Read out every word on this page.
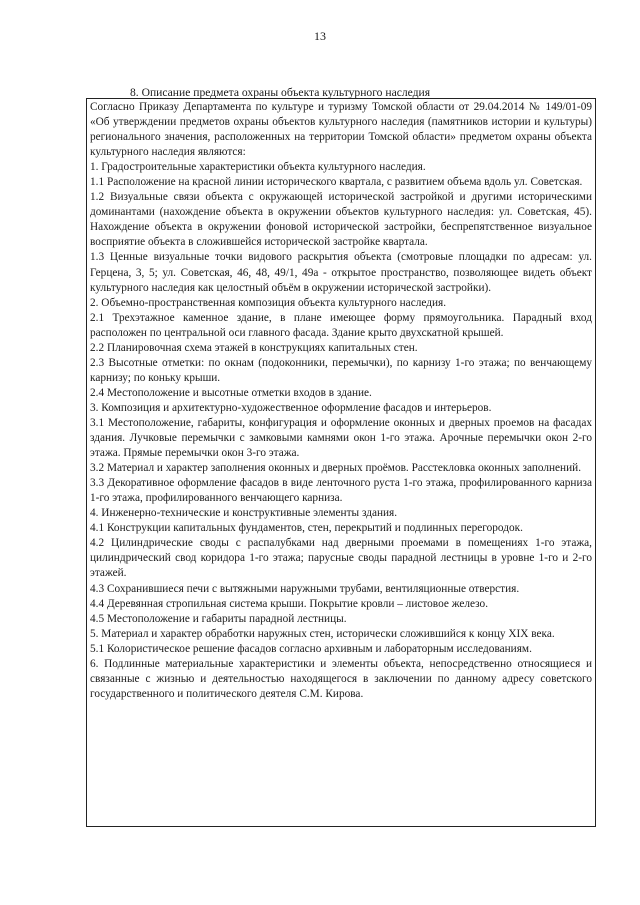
13
8. Описание предмета охраны объекта культурного наследия

Согласно Приказу Департамента по культуре и туризму Томской области от 29.04.2014 № 149/01-09 «Об утверждении предметов охраны объектов культурного наследия (памятников истории и культуры) регионального значения, расположенных на территории Томской области» предметом охраны объекта культурного наследия являются:

1. Градостроительные характеристики объекта культурного наследия.

1.1 Расположение на красной линии исторического квартала, с развитием объема вдоль ул. Советская.

1.2 Визуальные связи объекта с окружающей исторической застройкой и другими историческими доминантами (нахождение объекта в окружении объектов культурного наследия: ул. Советская, 45). Нахождение объекта в окружении фоновой исторической застройки, беспрепятственное визуальное восприятие объекта в сложившейся исторической застройке квартала.

1.3 Ценные визуальные точки видового раскрытия объекта (смотровые площадки по адресам: ул. Герцена, 3, 5; ул. Советская, 46, 48, 49/1, 49а - открытое пространство, позволяющее видеть объект культурного наследия как целостный объём в окружении исторической застройки).

2. Объемно-пространственная композиция объекта культурного наследия.

2.1 Трехэтажное каменное здание, в плане имеющее форму прямоугольника. Парадный вход расположен по центральной оси главного фасада. Здание крыто двухскатной крышей.

2.2 Планировочная схема этажей в конструкциях капитальных стен.

2.3 Высотные отметки: по окнам (подоконники, перемычки), по карнизу 1-го этажа; по венчающему карнизу; по коньку крыши.

2.4 Местоположение и высотные отметки входов в здание.

3. Композиция и архитектурно-художественное оформление фасадов и интерьеров.

3.1 Местоположение, габариты, конфигурация и оформление оконных и дверных проемов на фасадах здания. Лучковые перемычки с замковыми камнями окон 1-го этажа. Арочные перемычки окон 2-го этажа. Прямые перемычки окон 3-го этажа.

3.2 Материал и характер заполнения оконных и дверных проёмов. Расстекловка оконных заполнений.

3.3 Декоративное оформление фасадов в виде ленточного руста 1-го этажа, профилированного карниза 1-го этажа, профилированного венчающего карниза.

4. Инженерно-технические и конструктивные элементы здания.

4.1 Конструкции капитальных фундаментов, стен, перекрытий и подлинных перегородок.

4.2 Цилиндрические своды с распалубками над дверными проемами в помещениях 1-го этажа, цилиндрический свод коридора 1-го этажа; парусные своды парадной лестницы в уровне 1-го и 2-го этажей.

4.3 Сохранившиеся печи с вытяжными наружными трубами, вентиляционные отверстия.

4.4 Деревянная стропильная система крыши. Покрытие кровли – листовое железо.

4.5 Местоположение и габариты парадной лестницы.

5. Материал и характер обработки наружных стен, исторически сложившийся к концу XIX века.

5.1 Колористическое решение фасадов согласно архивным и лабораторным исследованиям.

6. Подлинные материальные характеристики и элементы объекта, непосредственно относящиеся и связанные с жизнью и деятельностью находящегося в заключении по данному адресу советского государственного и политического деятеля С.М. Кирова.
